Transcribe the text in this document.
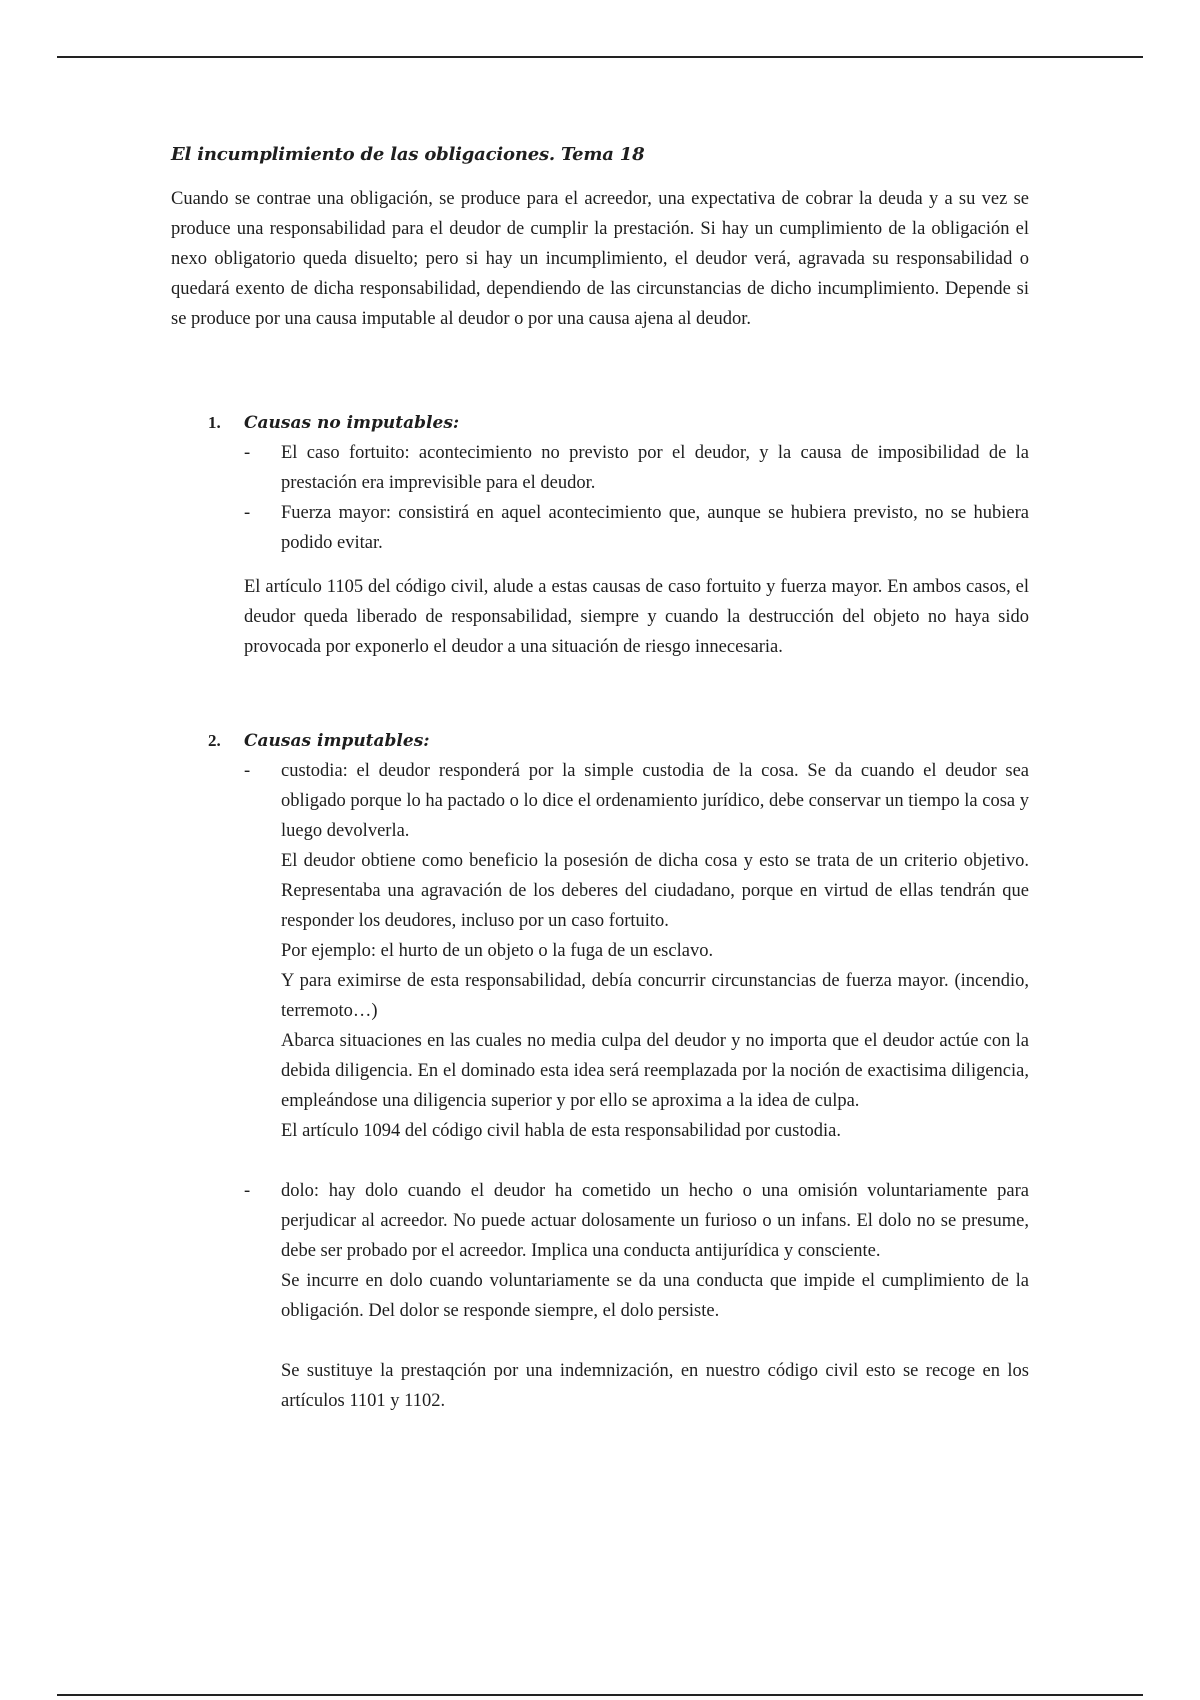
El incumplimiento de las obligaciones. Tema 18

Cuando se contrae una obligación, se produce para el acreedor, una expectativa de cobrar la deuda y a su vez se produce una responsabilidad para el deudor de cumplir la prestación. Si hay un cumplimiento de la obligación el nexo obligatorio queda disuelto; pero si hay un incumplimiento, el deudor verá, agravada su responsabilidad o quedará exento de dicha responsabilidad, dependiendo de las circunstancias de dicho incumplimiento. Depende si se produce por una causa imputable al deudor o por una causa ajena al deudor.

1.	Causas no imputables:
- El caso fortuito: acontecimiento no previsto por el deudor, y la causa de imposibilidad de la prestación era imprevisible para el deudor.

- Fuerza mayor: consistirá en aquel acontecimiento que, aunque se hubiera previsto, no se hubiera podido evitar.

El artículo 1105 del código civil, alude a estas causas de caso fortuito y fuerza mayor. En ambos casos, el deudor queda liberado de responsabilidad, siempre y cuando la destrucción del objeto no haya sido provocada por exponerlo el deudor a una situación de riesgo innecesaria.

2.	Causas imputables:
- custodia: el deudor responderá por la simple custodia de la cosa. Se da cuando el deudor sea obligado porque lo ha pactado o lo dice el ordenamiento jurídico, debe conservar un tiempo la cosa y luego devolverla.

El deudor obtiene como beneficio la posesión de dicha cosa y esto se trata de un criterio objetivo. Representaba una agravación de los deberes del ciudadano, porque en virtud de ellas tendrán que responder los deudores, incluso por un caso fortuito.

Por ejemplo: el hurto de un objeto o la fuga de un esclavo.

Y para eximirse de esta responsabilidad, debía concurrir circunstancias de fuerza mayor. (incendio, terremoto…)

Abarca situaciones en las cuales no media culpa del deudor y no importa que el deudor actúe con la debida diligencia. En el dominado esta idea será reemplazada por la noción de exactisima diligencia, empleándose una diligencia superior y por ello se aproxima a la idea de culpa.

El artículo 1094 del código civil habla de esta responsabilidad por custodia.

- dolo: hay dolo cuando el deudor ha cometido un hecho o una omisión voluntariamente para perjudicar al acreedor. No puede actuar dolosamente un furioso o un infans. El dolo no se presume, debe ser probado por el acreedor. Implica una conducta antijurídica y consciente.

Se incurre en dolo cuando voluntariamente se da una conducta que impide el cumplimiento de la obligación. Del dolor se responde siempre, el dolo persiste.

Se sustituye la prestaqción por una indemnización, en nuestro código civil esto se recoge en los artículos 1101 y 1102.
